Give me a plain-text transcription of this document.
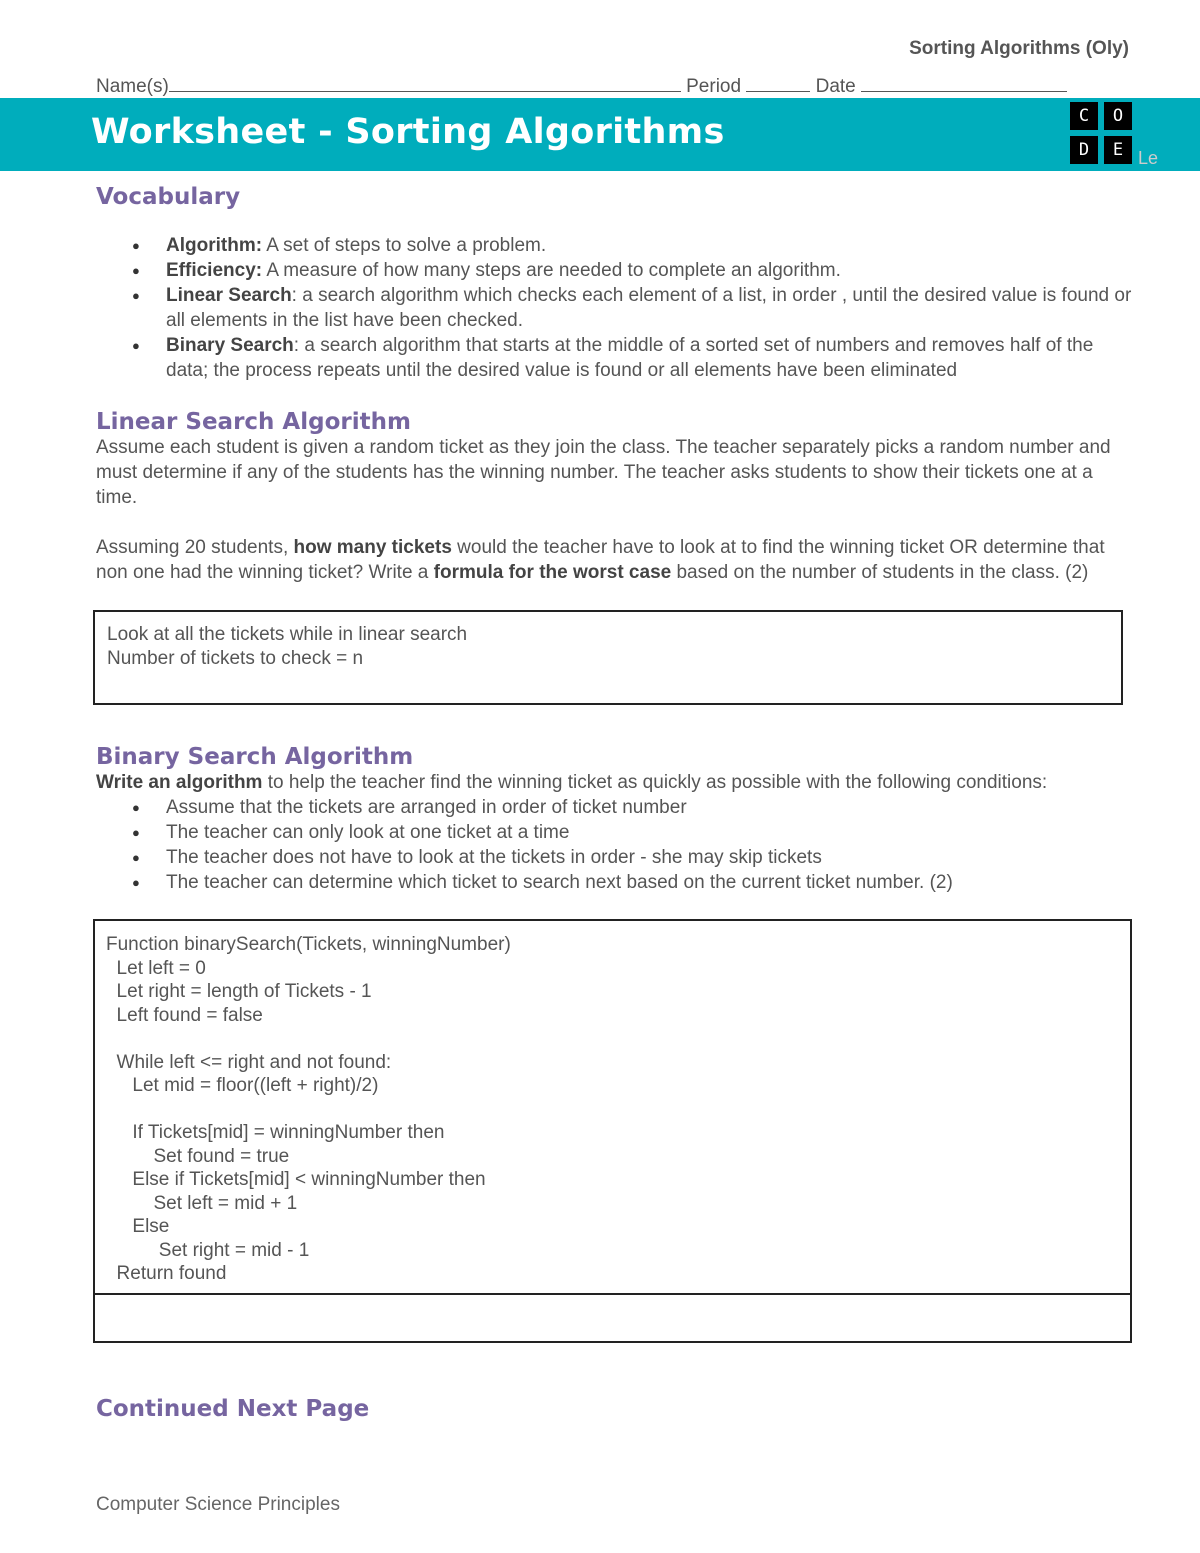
Sorting Algorithms (Oly)
Name(s)	Period	Date
Worksheet - Sorting Algorithms	C	O
D	E Le
Vocabulary
● Algorithm: A set of steps to solve a problem.
● Efficiency: A measure of how many steps are needed to complete an algorithm.
● Linear Search: a search algorithm which checks each element of a list, in order , until the desired value is found or all elements in the list have been checked.
● Binary Search: a search algorithm that starts at the middle of a sorted set of numbers and removes half of the data; the process repeats until the desired value is found or all elements have been eliminated
Linear Search Algorithm
Assume each student is given a random ticket as they join the class. The teacher separately picks a random number and must determine if any of the students has the winning number. The teacher asks students to show their tickets one at a time.
Assuming 20 students, how many tickets would the teacher have to look at to find the winning ticket OR determine that non one had the winning ticket? Write a formula for the worst case based on the number of students in the class. (2)
Look at all the tickets while in linear search
Number of tickets to check = n
Binary Search Algorithm
Write an algorithm to help the teacher find the winning ticket as quickly as possible with the following conditions:
● Assume that the tickets are arranged in order of ticket number
● The teacher can only look at one ticket at a time
● The teacher does not have to look at the tickets in order - she may skip tickets
● The teacher can determine which ticket to search next based on the current ticket number. (2)
Function binarySearch(Tickets, winningNumber)
Let left = 0
Let right = length of Tickets - 1
Left found = false
While left <= right and not found:
Let mid = floor((left + right)/2)
If Tickets[mid] = winningNumber then
Set found = true
Else if Tickets[mid] < winningNumber then
Set left = mid + 1
Else
Set right = mid - 1
Return found
Continued Next Page
Computer Science Principles
